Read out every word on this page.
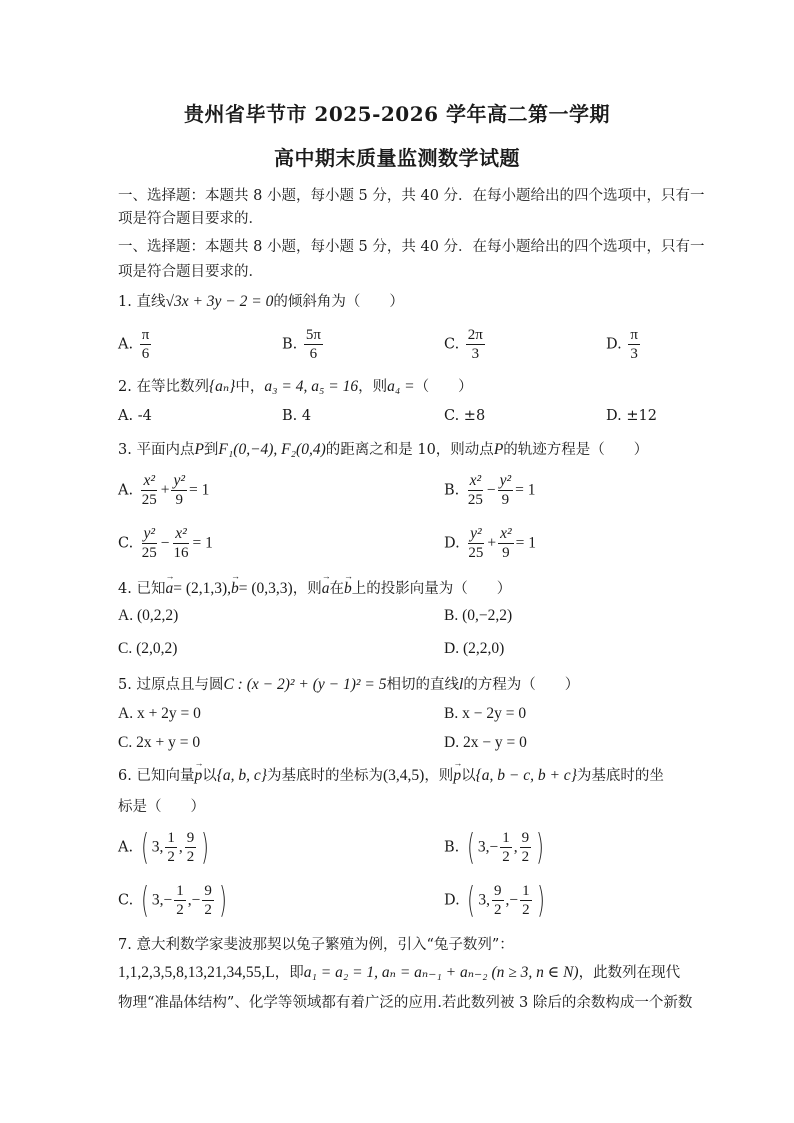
贵州省毕节市 2025-2026 学年高二第一学期
高中期末质量监测数学试题
一、选择题：本题共 8 小题，每小题 5 分，共 40 分．在每小题给出的四个选项中，只有一
项是符合题目要求的．
一、选择题：本题共 8 小题，每小题 5 分，共 40 分．在每小题给出的四个选项中，只有一
项是符合题目要求的．
1. 直线√3x + 3y − 2 = 0的倾斜角为（　　）
A. $\frac{\pi}{6}$	B. $\frac{5\pi}{6}$	C. $\frac{2\pi}{3}$	D. $\frac{\pi}{3}$
2. 在等比数列{aₙ}中，a₃ = 4, a₅ = 16，则a₄ =（　　）
A. -4	B. 4	C. ±8	D. ±12
3. 平面内点P到F₁(0,−4), F₂(0,4)的距离之和是 10，则动点P的轨迹方程是（　　）
A. $\frac{\text{x²}}{25} + \frac{\text{y²}}{9} = 1$	B. $\frac{\text{x²}}{25} - \frac{\text{y²}}{9} = 1$
C. $\frac{\text{y²}}{25} - \frac{\text{x²}}{16} = 1$	D. $\frac{\text{y²}}{25} + \frac{\text{x²}}{9} = 1$
4. 已知→ a= (2,1,3),→ b= (0,3,3)，则→ a在→ b上的投影向量为（　　）
A. (0,2,2)	B. (0,−2,2)
C. (2,0,2)	D. (2,2,0)
5. 过原点且与圆C : (x − 2)² + (y − 1)² = 5相切的直线l的方程为（　　）
A. x + 2y = 0	B. x − 2y = 0
C. 2x + y = 0	D. 2x − y = 0
6. 已知向量→ p以{a, b, c}为基底时的坐标为(3,4,5)，则→ p以{a, b − c, b + c}为基底时的坐
标是（　　）
A. ( 3, $\frac{1}{2}$ , $\frac{9}{2}$ )	B. ( $3,- \frac{1}{2}$ , $\frac{9}{2}$ )
C. ( $3,- \frac{1}{2}$ ,− $\frac{9}{2}$ )	D. ( 3, $\frac{9}{2}$ ,− $\frac{1}{2}$ )
7. 意大利数学家斐波那契以兔子繁殖为例，引入“兔子数列”：
1,1,2,3,5,8,13,21,34,55,L，即a₁ = a₂ = 1, aₙ = aₙ₋₁ + aₙ₋₂ (n ≥ 3, n ∈ N)，此数列在现代
物理“准晶体结构”、化学等领域都有着广泛的应用.若此数列被 3 除后的余数构成一个新数
